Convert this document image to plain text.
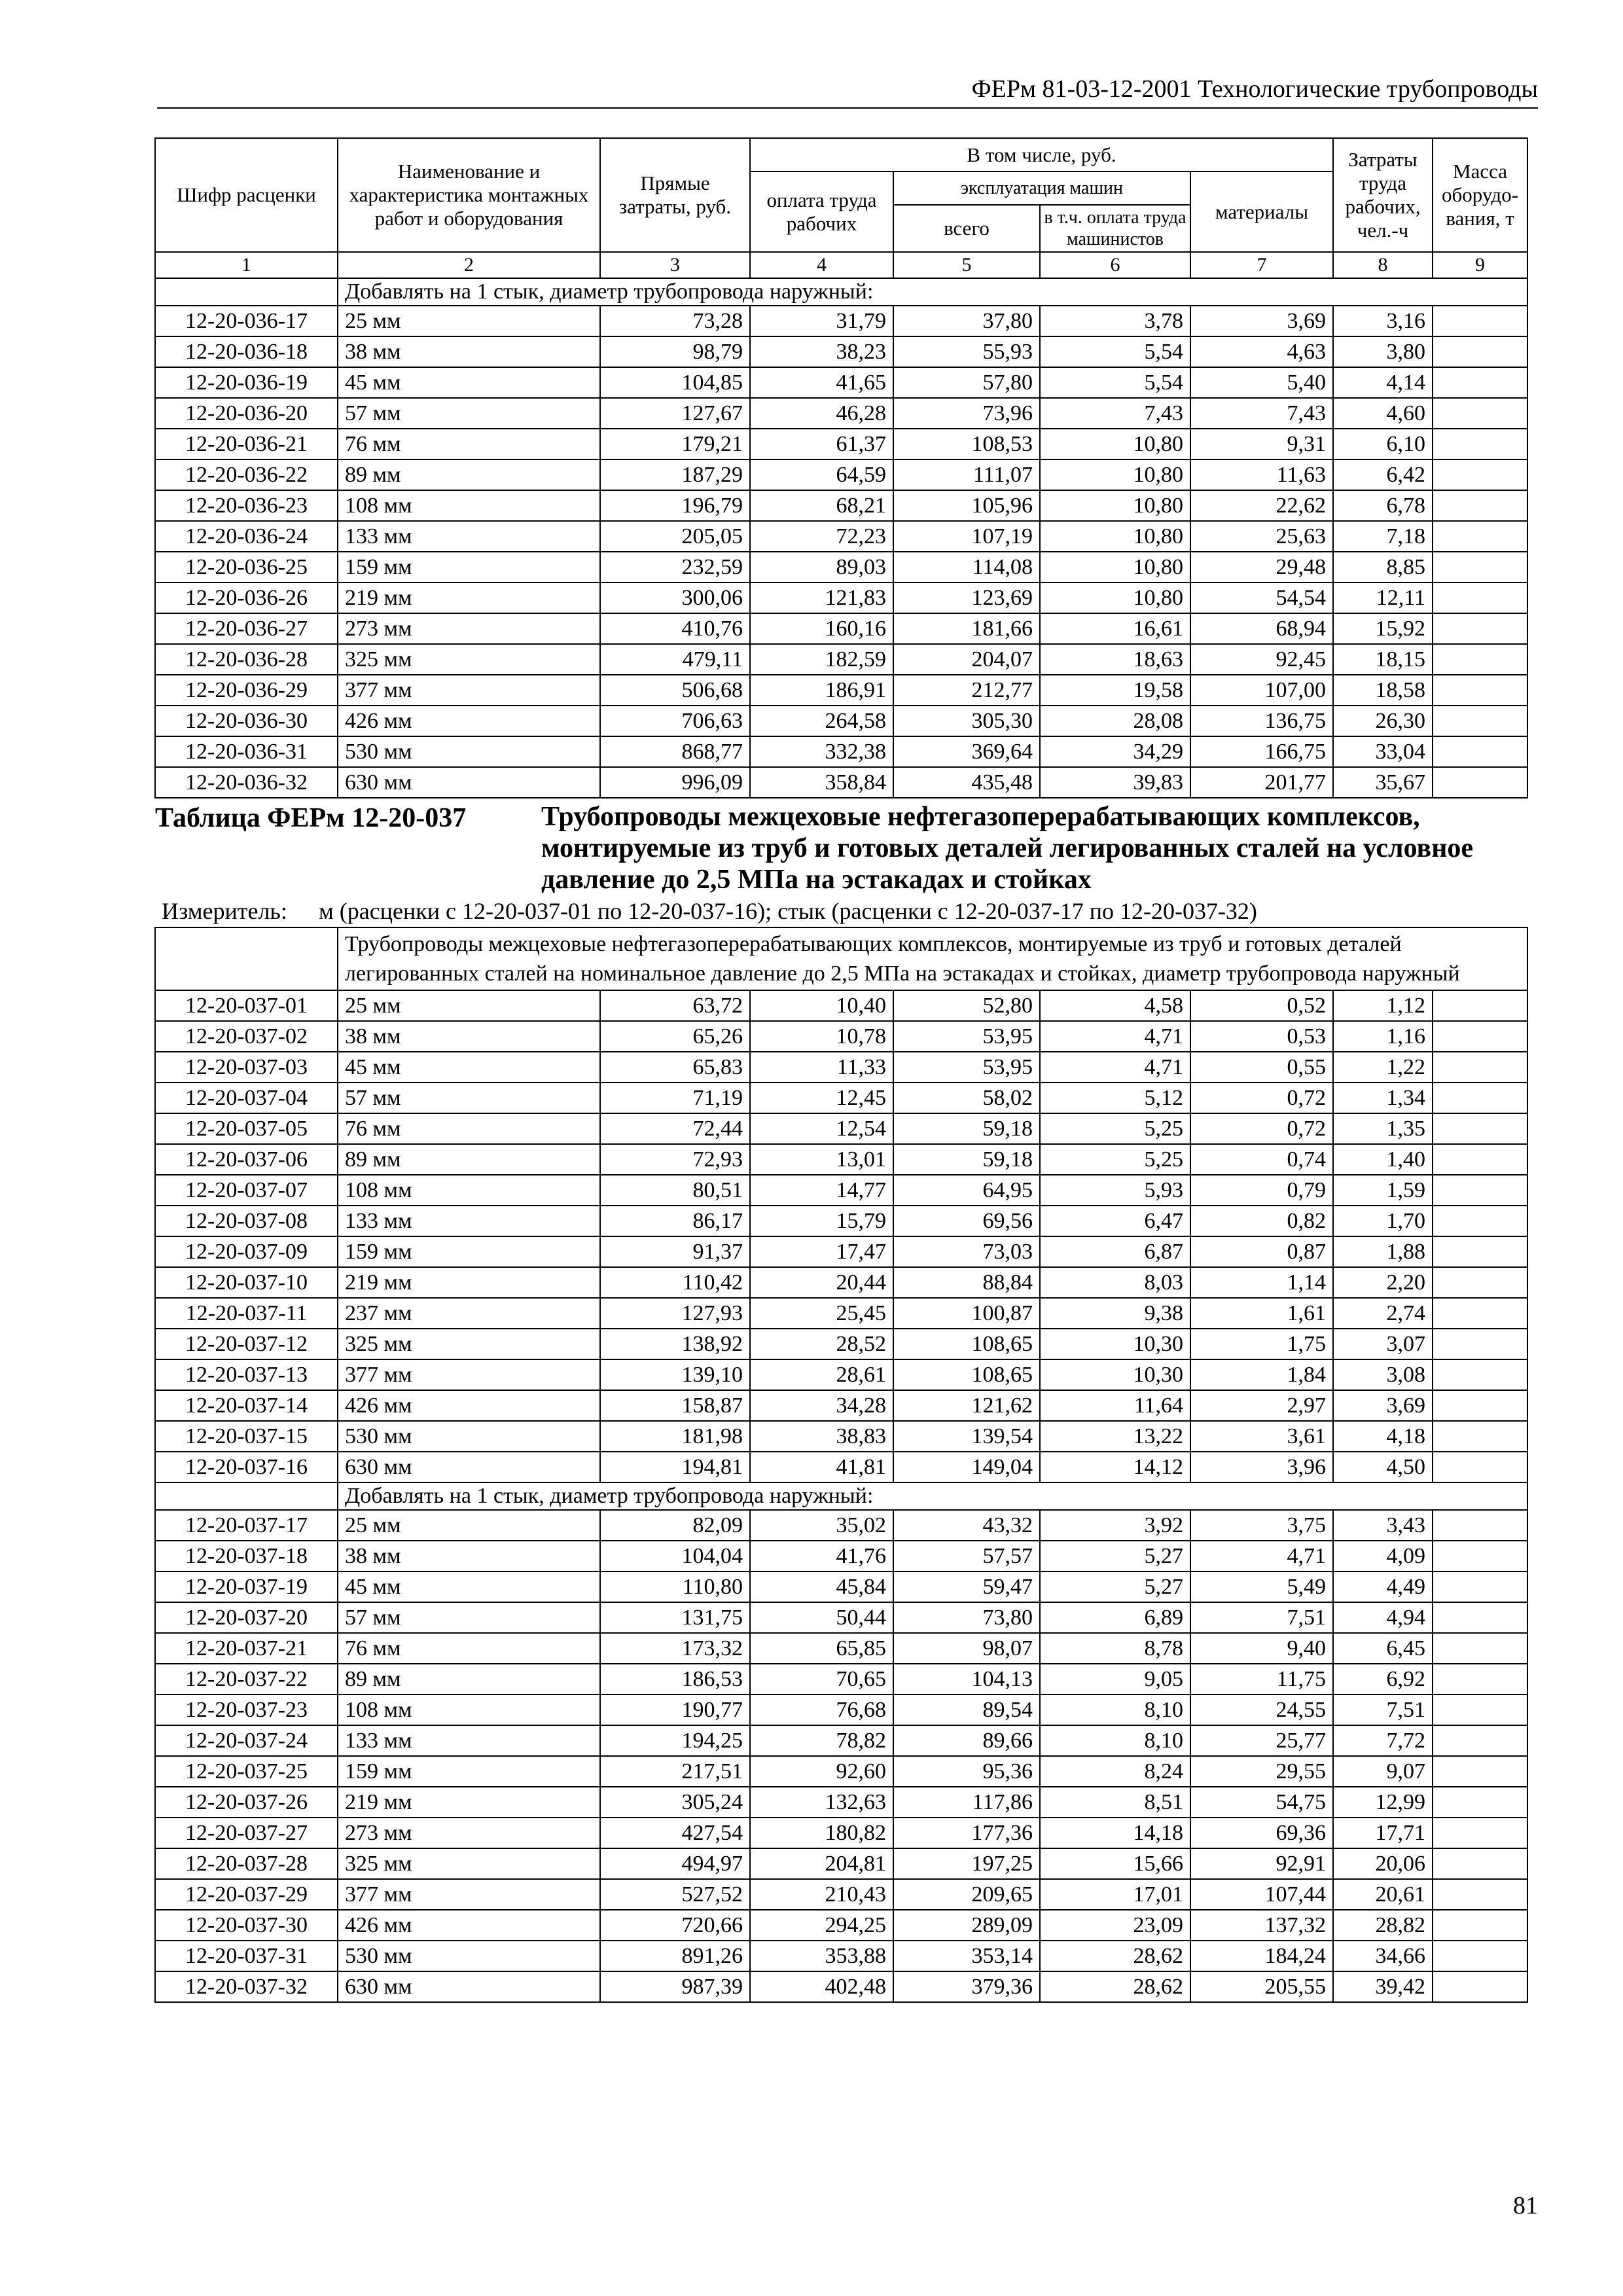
ФЕРм 81-03-12-2001 Технологические трубопроводы
Шифр расценки	Наименование и характеристика монтажных работ и оборудования	Прямые затраты, руб.	В том числе, руб.				Затраты труда рабочих, чел.-ч	Масса оборудо-вания, т
			оплата труда рабочих	эксплуатация машин		материалы		
				всего	в т.ч. оплата труда машинистов			
1	2	3	4	5	6	7	8	9
	Добавлять на 1 стык, диаметр трубопровода наружный:							
12-20-036-17	25 мм	73,28	31,79	37,80	3,78	3,69	3,16	
12-20-036-18	38 мм	98,79	38,23	55,93	5,54	4,63	3,80	
12-20-036-19	45 мм	104,85	41,65	57,80	5,54	5,40	4,14	
12-20-036-20	57 мм	127,67	46,28	73,96	7,43	7,43	4,60	
12-20-036-21	76 мм	179,21	61,37	108,53	10,80	9,31	6,10	
12-20-036-22	89 мм	187,29	64,59	111,07	10,80	11,63	6,42	
12-20-036-23	108 мм	196,79	68,21	105,96	10,80	22,62	6,78	
12-20-036-24	133 мм	205,05	72,23	107,19	10,80	25,63	7,18	
12-20-036-25	159 мм	232,59	89,03	114,08	10,80	29,48	8,85	
12-20-036-26	219 мм	300,06	121,83	123,69	10,80	54,54	12,11	
12-20-036-27	273 мм	410,76	160,16	181,66	16,61	68,94	15,92	
12-20-036-28	325 мм	479,11	182,59	204,07	18,63	92,45	18,15	
12-20-036-29	377 мм	506,68	186,91	212,77	19,58	107,00	18,58	
12-20-036-30	426 мм	706,63	264,58	305,30	28,08	136,75	26,30	
12-20-036-31	530 мм	868,77	332,38	369,64	34,29	166,75	33,04	
12-20-036-32	630 мм	996,09	358,84	435,48	39,83	201,77	35,67	

Таблица ФЕРм 12-20-037 Трубопроводы межцеховые нефтегазоперерабатывающих комплексов, монтируемые из труб и готовых деталей легированных сталей на условное давление до 2,5 МПа на эстакадах и стойках
Измеритель: м (расценки с 12-20-037-01 по 12-20-037-16); стык (расценки с 12-20-037-17 по 12-20-037-32)								

	Трубопроводы межцеховые нефтегазоперерабатывающих комплексов, монтируемые из труб и готовых деталей легированных сталей на номинальное давление до 2,5 МПа на эстакадах и стойках, диаметр трубопровода наружный							
12-20-037-01	25 мм	63,72	10,40	52,80	4,58	0,52	1,12	
12-20-037-02	38 мм	65,26	10,78	53,95	4,71	0,53	1,16	
12-20-037-03	45 мм	65,83	11,33	53,95	4,71	0,55	1,22	
12-20-037-04	57 мм	71,19	12,45	58,02	5,12	0,72	1,34	
12-20-037-05	76 мм	72,44	12,54	59,18	5,25	0,72	1,35	
12-20-037-06	89 мм	72,93	13,01	59,18	5,25	0,74	1,40	
12-20-037-07	108 мм	80,51	14,77	64,95	5,93	0,79	1,59	
12-20-037-08	133 мм	86,17	15,79	69,56	6,47	0,82	1,70	
12-20-037-09	159 мм	91,37	17,47	73,03	6,87	0,87	1,88	
12-20-037-10	219 мм	110,42	20,44	88,84	8,03	1,14	2,20	
12-20-037-11	237 мм	127,93	25,45	100,87	9,38	1,61	2,74	
12-20-037-12	325 мм	138,92	28,52	108,65	10,30	1,75	3,07	
12-20-037-13	377 мм	139,10	28,61	108,65	10,30	1,84	3,08	
12-20-037-14	426 мм	158,87	34,28	121,62	11,64	2,97	3,69	
12-20-037-15	530 мм	181,98	38,83	139,54	13,22	3,61	4,18	
12-20-037-16	630 мм	194,81	41,81	149,04	14,12	3,96	4,50	
	Добавлять на 1 стык, диаметр трубопровода наружный:							
12-20-037-17	25 мм	82,09	35,02	43,32	3,92	3,75	3,43	
12-20-037-18	38 мм	104,04	41,76	57,57	5,27	4,71	4,09	
12-20-037-19	45 мм	110,80	45,84	59,47	5,27	5,49	4,49	
12-20-037-20	57 мм	131,75	50,44	73,80	6,89	7,51	4,94	
12-20-037-21	76 мм	173,32	65,85	98,07	8,78	9,40	6,45	
12-20-037-22	89 мм	186,53	70,65	104,13	9,05	11,75	6,92	
12-20-037-23	108 мм	190,77	76,68	89,54	8,10	24,55	7,51	
12-20-037-24	133 мм	194,25	78,82	89,66	8,10	25,77	7,72	
12-20-037-25	159 мм	217,51	92,60	95,36	8,24	29,55	9,07	
12-20-037-26	219 мм	305,24	132,63	117,86	8,51	54,75	12,99	
12-20-037-27	273 мм	427,54	180,82	177,36	14,18	69,36	17,71	
12-20-037-28	325 мм	494,97	204,81	197,25	15,66	92,91	20,06	
12-20-037-29	377 мм	527,52	210,43	209,65	17,01	107,44	20,61	
12-20-037-30	426 мм	720,66	294,25	289,09	23,09	137,32	28,82	
12-20-037-31	530 мм	891,26	353,88	353,14	28,62	184,24	34,66	
12-20-037-32	630 мм	987,39	402,48	379,36	28,62	205,55	39,42	
81
